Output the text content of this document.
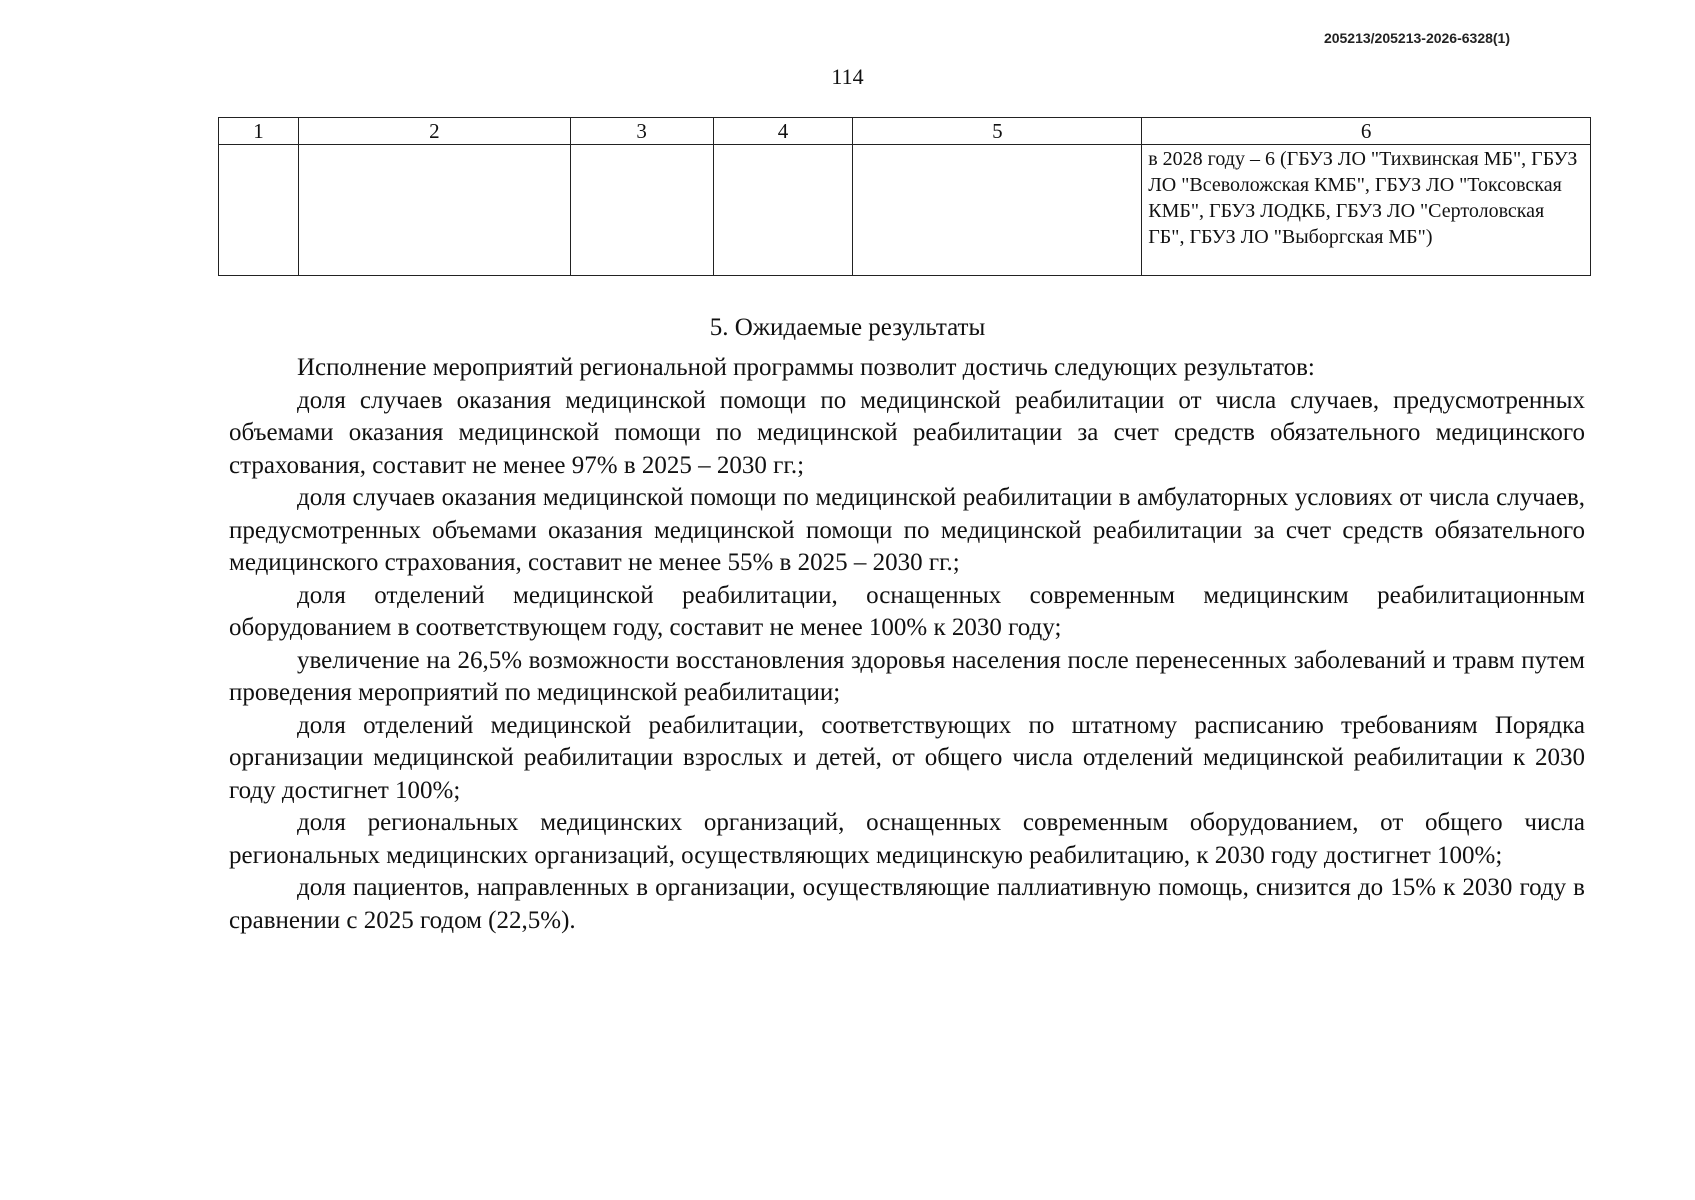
205213/205213-2026-6328(1)
114
1	2	3	4	5	6

					в 2028 году – 6 (ГБУЗ ЛО "Тихвинская МБ", ГБУЗ ЛО "Всеволожская КМБ", ГБУЗ ЛО "Токсовская КМБ", ГБУЗ ЛОДКБ, ГБУЗ ЛО "Сертоловская ГБ", ГБУЗ ЛО "Выборгская МБ")
5. Ожидаемые результаты

Исполнение мероприятий региональной программы позволит достичь следующих результатов:

доля случаев оказания медицинской помощи по медицинской реабилитации от числа случаев, предусмотренных объемами оказания медицинской помощи по медицинской реабилитации за счет средств обязательного медицинского страхования, составит не менее 97% в 2025 – 2030 гг.;

доля случаев оказания медицинской помощи по медицинской реабилитации в амбулаторных условиях от числа случаев, предусмотренных объемами оказания медицинской помощи по медицинской реабилитации за счет средств обязательного медицинского страхования, составит не менее 55% в 2025 – 2030 гг.;

доля отделений медицинской реабилитации, оснащенных современным медицинским реабилитационным оборудованием в соответствующем году, составит не менее 100% к 2030 году;

увеличение на 26,5% возможности восстановления здоровья населения после перенесенных заболеваний и травм путем проведения мероприятий по медицинской реабилитации;

доля отделений медицинской реабилитации, соответствующих по штатному расписанию требованиям Порядка организации медицинской реабилитации взрослых и детей, от общего числа отделений медицинской реабилитации к 2030 году достигнет 100%;

доля региональных медицинских организаций, оснащенных современным оборудованием, от общего числа региональных медицинских организаций, осуществляющих медицинскую реабилитацию, к 2030 году достигнет 100%;

доля пациентов, направленных в организации, осуществляющие паллиативную помощь, снизится до 15% к 2030 году в сравнении с 2025 годом (22,5%).
